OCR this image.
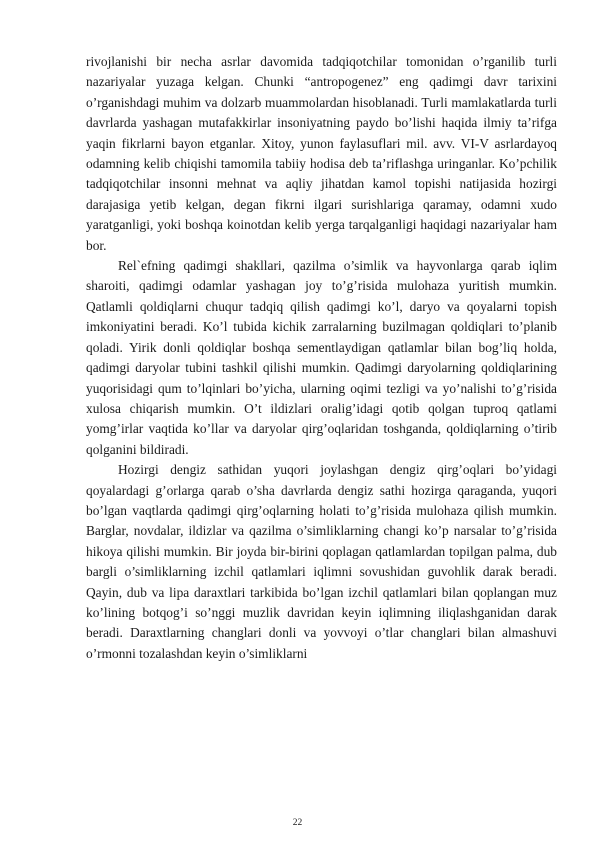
rivojlanishi bir necha asrlar davomida tadqiqotchilar tomonidan o’rganilib turli nazariyalar yuzaga kelgan. Chunki “antropogenez” eng qadimgi davr tarixini o’rganishdagi muhim va dolzarb muammolardan hisoblanadi. Turli mamlakatlarda turli davrlarda yashagan mutafakkirlar insoniyatning paydo bo’lishi haqida ilmiy ta’rifga yaqin fikrlarni bayon etganlar. Xitoy, yunon faylasuflari mil. avv. VI-V asrlardayoq odamning kelib chiqishi tamomila tabiiy hodisa deb ta’riflashga uringanlar. Ko’pchilik tadqiqotchilar insonni mehnat va aqliy jihatdan kamol topishi natijasida hozirgi darajasiga yetib kelgan, degan fikrni ilgari surishlariga qaramay, odamni xudo yaratganligi, yoki boshqa koinotdan kelib yerga tarqalganligi haqidagi nazariyalar ham bor.

Rel`efning qadimgi shakllari, qazilma o’simlik va hayvonlarga qarab iqlim sharoiti, qadimgi odamlar yashagan joy to’g’risida mulohaza yuritish mumkin. Qatlamli qoldiqlarni chuqur tadqiq qilish qadimgi ko’l, daryo va qoyalarni topish imkoniyatini beradi. Ko’l tubida kichik zarralarning buzilmagan qoldiqlari to’planib qoladi. Yirik donli qoldiqlar boshqa sementlaydigan qatlamlar bilan bog’liq holda, qadimgi daryolar tubini tashkil qilishi mumkin. Qadimgi daryolarning qoldiqlarining yuqorisidagi qum to’lqinlari bo’yicha, ularning oqimi tezligi va yo’nalishi to’g’risida xulosa chiqarish mumkin. O’t ildizlari oralig’idagi qotib qolgan tuproq qatlami yomg’irlar vaqtida ko’llar va daryolar qirg’oqlaridan toshganda, qoldiqlarning o’tirib qolganini bildiradi.

Hozirgi dengiz sathidan yuqori joylashgan dengiz qirg’oqlari bo’yidagi qoyalardagi g’orlarga qarab o’sha davrlarda dengiz sathi hozirga qaraganda, yuqori bo’lgan vaqtlarda qadimgi qirg’oqlarning holati to’g’risida mulohaza qilish mumkin. Barglar, novdalar, ildizlar va qazilma o’simliklarning changi ko’p narsalar to’g’risida hikoya qilishi mumkin. Bir joyda bir-birini qoplagan qatlamlardan topilgan palma, dub bargli o’simliklarning izchil qatlamlari iqlimni sovushidan guvohlik darak beradi. Qayin, dub va lipa daraxtlari tarkibida bo’lgan izchil qatlamlari bilan qoplangan muz ko’lining botqog’i so’nggi muzlik davridan keyin iqlimning iliqlashganidan darak beradi. Daraxtlarning changlari donli va yovvoyi o’tlar changlari bilan almashuvi o’rmonni tozalashdan keyin o’simliklarni

22
